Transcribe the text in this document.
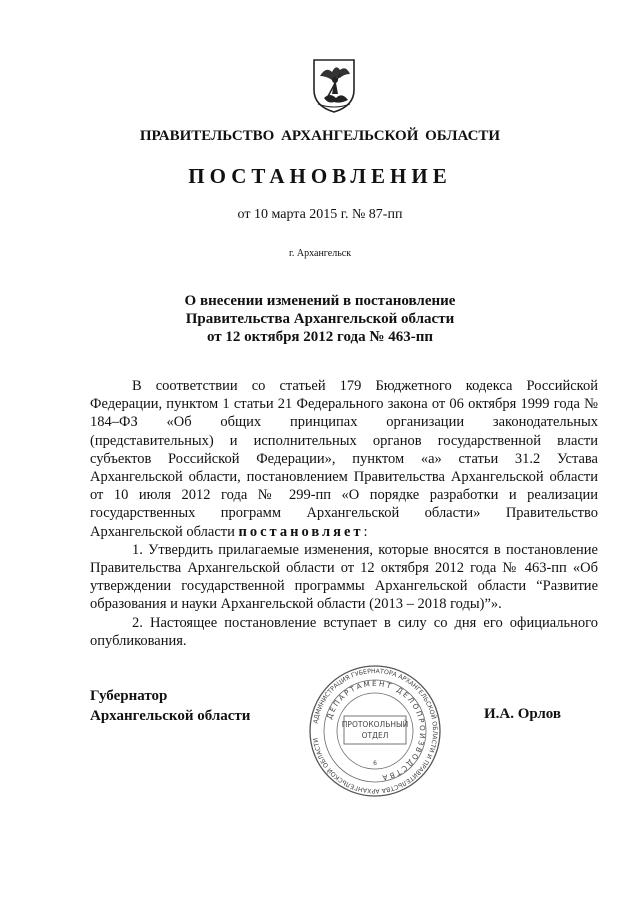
ПРАВИТЕЛЬСТВО АРХАНГЕЛЬСКОЙ ОБЛАСТИ
ПОСТАНОВЛЕНИЕ
от 10 марта 2015 г. № 87-пп
г. Архангельск
О внесении изменений в постановление
Правительства Архангельской области
от 12 октября 2012 года № 463-пп

В соответствии со статьей 179 Бюджетного кодекса Российской Федерации, пунктом 1 статьи 21 Федерального закона от 06 октября 1999 года № 184–ФЗ «Об общих принципах организации законодательных (представительных) и исполнительных органов государственной власти субъектов Российской Федерации», пунктом «а» статьи 31.2 Устава Архангельской области, постановлением Правительства Архангельской области от 10 июля 2012 года № 299-пп «О порядке разработки и реализации государственных программ Архангельской области» Правительство Архангельской области постановляет:

1. Утвердить прилагаемые изменения, которые вносятся в постановление Правительства Архангельской области от 12 октября 2012 года № 463-пп «Об утверждении государственной программы Архангельской области “Развитие образования и науки Архангельской области (2013 – 2018 годы)”».

2. Настоящее постановление вступает в силу со дня его официального опубликования.

Губернатор
Архангельской области	И.А. Орлов
АДМИНИСТРАЦИЯ ГУБЕРНАТОРА АРХАНГЕЛЬСКОЙ ОБЛАСТИ И ПРАВИТЕЛЬСТВА АРХАНГЕЛЬСКОЙ ОБЛАСТИ
ДЕПАРТАМЕНТ ДЕЛОПРОИЗВОДСТВА
ПРОТОКОЛЬНЫЙ
ОТДЕЛ
6
